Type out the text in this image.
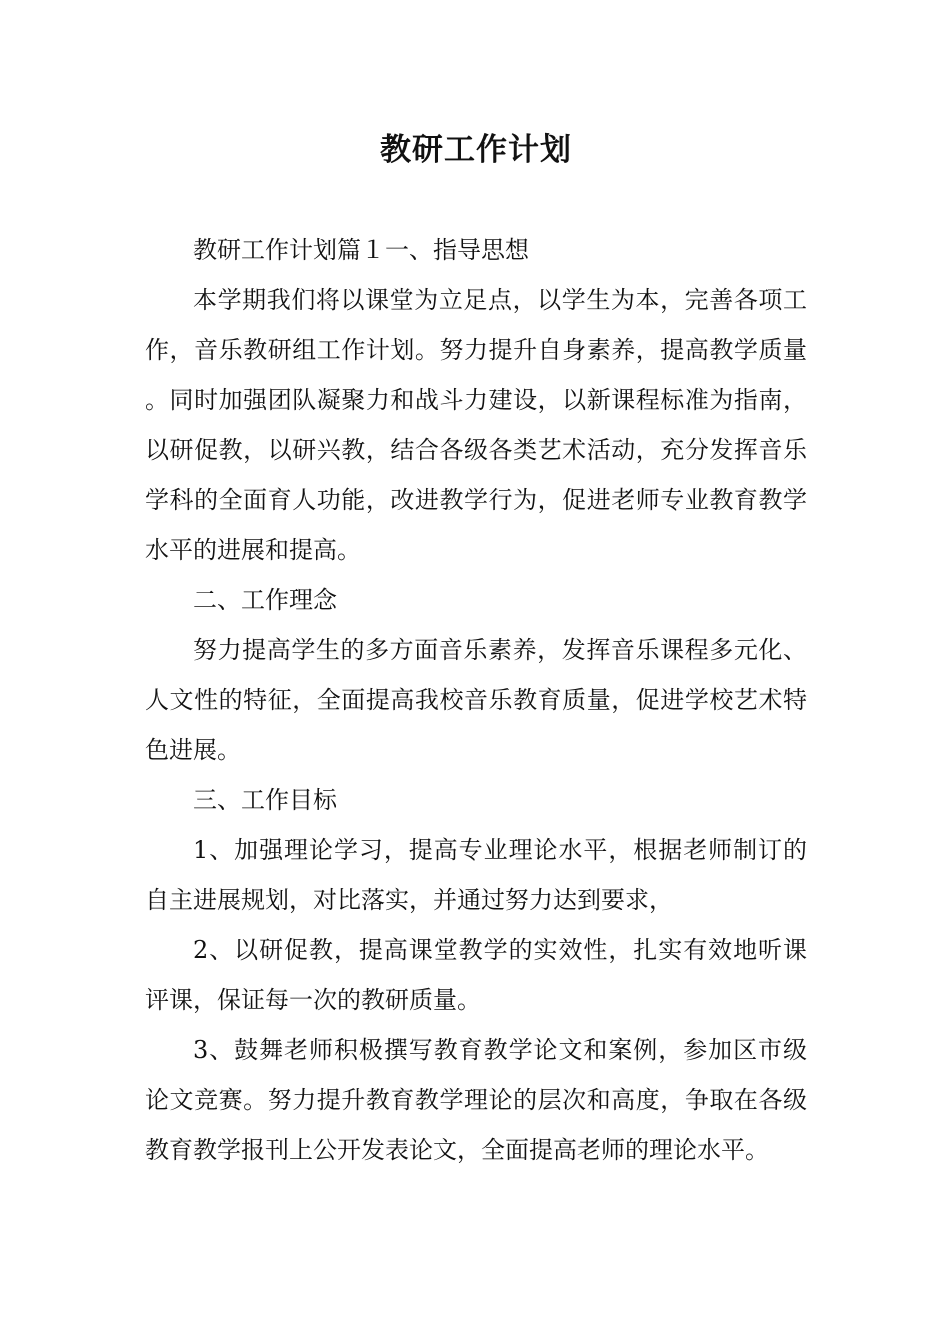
教研工作计划

教研工作计划篇１一、指导思想

本学期我们将以课堂为立足点，以学生为本，完善各项工作，音乐教研组工作计划。努力提升自身素养，提高教学质量。同时加强团队凝聚力和战斗力建设，以新课程标准为指南，以研促教，以研兴教，结合各级各类艺术活动，充分发挥音乐学科的全面育人功能，改进教学行为，促进老师专业教育教学水平的进展和提高。

二、工作理念

努力提高学生的多方面音乐素养，发挥音乐课程多元化、人文性的特征，全面提高我校音乐教育质量，促进学校艺术特色进展。

三、工作目标

1、加强理论学习，提高专业理论水平，根据老师制订的自主进展规划，对比落实，并通过努力达到要求，

2、以研促教，提高课堂教学的实效性，扎实有效地听课评课，保证每一次的教研质量。

3、鼓舞老师积极撰写教育教学论文和案例，参加区市级论文竞赛。努力提升教育教学理论的层次和高度，争取在各级教育教学报刊上公开发表论文，全面提高老师的理论水平。
